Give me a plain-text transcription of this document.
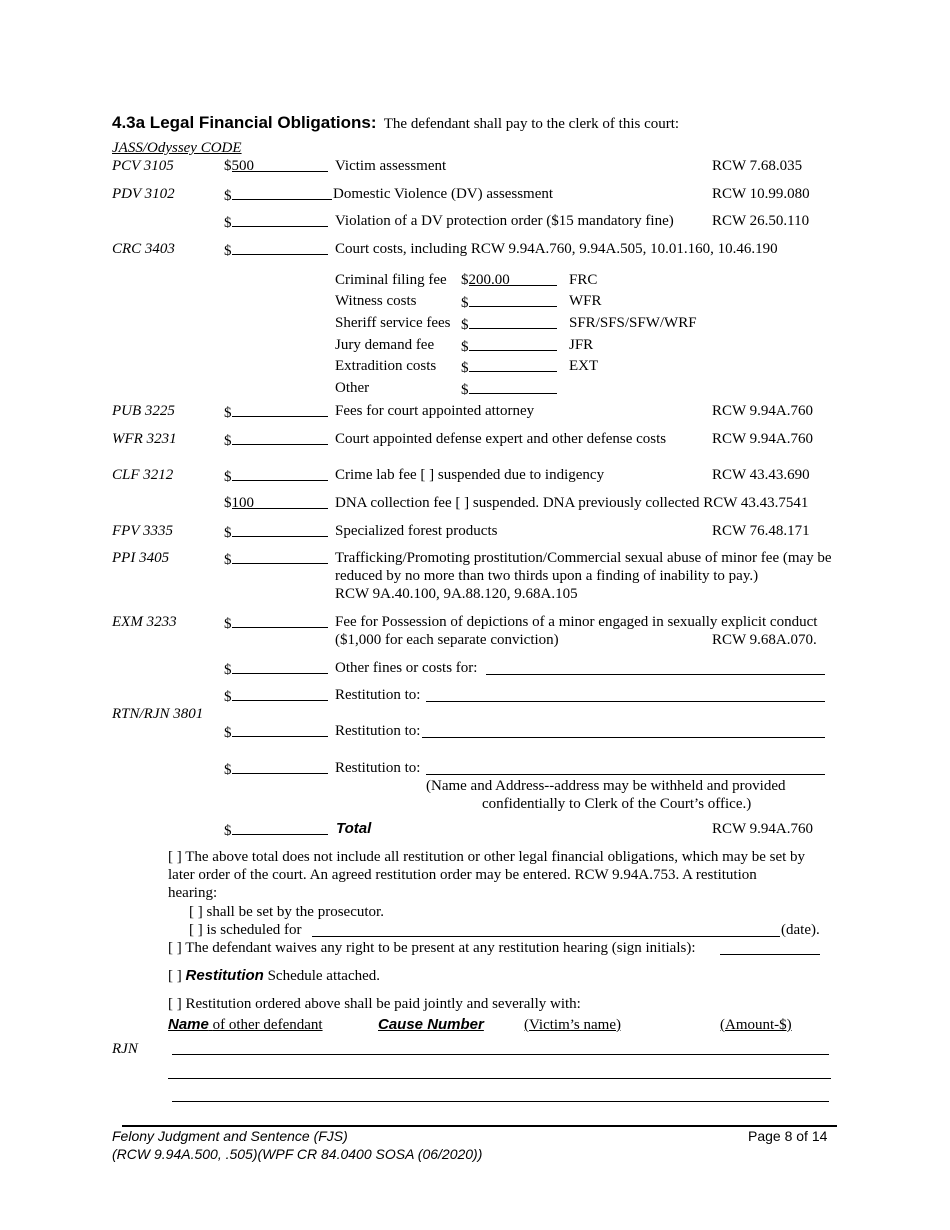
4.3a Legal Financial Obligations: The defendant shall pay to the clerk of this court:
JASS/Odyssey CODE
PCV 3105	$500	Victim assessment	RCW 7.68.035
PDV 3102	$	Domestic Violence (DV) assessment	RCW 10.99.080
$	Violation of a DV protection order ($15 mandatory fine)	RCW 26.50.110
CRC 3403	$	Court costs, including RCW 9.94A.760, 9.94A.505, 10.01.160, 10.46.190
Criminal filing fee $200.00	FRC
Witness costs	$	WFR
Sheriff service fees $	SFR/SFS/SFW/WRF
Jury demand fee $	JFR
Extradition costs $	EXT
Other	$
PUB 3225	$	Fees for court appointed attorney	RCW 9.94A.760
WFR 3231	$	Court appointed defense expert and other defense costs	RCW 9.94A.760
CLF 3212	$	Crime lab fee [ ] suspended due to indigency	RCW 43.43.690
$100	DNA collection fee [ ] suspended. DNA previously collected RCW 43.43.7541
FPV 3335	$	Specialized forest products	RCW 76.48.171
PPI 3405	$	Trafficking/Promoting prostitution/Commercial sexual abuse of minor fee (may be
reduced by no more than two thirds upon a finding of inability to pay.)
RCW 9A.40.100, 9A.88.120, 9.68A.105
EXM 3233	$	Fee for Possession of depictions of a minor engaged in sexually explicit conduct
($1,000 for each separate conviction)	RCW 9.68A.070.
$	Other fines or costs for:
RTN/RJN 3801
$	Restitution to:
$	Restitution to:
$	Restitution to:
(Name and Address--address may be withheld and provided
confidentially to Clerk of the Court’s office.)
$	Total	RCW 9.94A.760
[ ] The above total does not include all restitution or other legal financial obligations, which may be set by
later order of the court. An agreed restitution order may be entered. RCW 9.94A.753. A restitution
hearing:
[ ] shall be set by the prosecutor.
[ ] is scheduled for	(date).
[ ] The defendant waives any right to be present at any restitution hearing (sign initials):
[ ] Restitution Schedule attached.
[ ] Restitution ordered above shall be paid jointly and severally with:
Name of other defendant	Cause Number	(Victim’s name)	(Amount-$)
RJN
Felony Judgment and Sentence (FJS)
(RCW 9.94A.500, .505)(WPF CR 84.0400 SOSA (06/2020))
Page 8 of 14
